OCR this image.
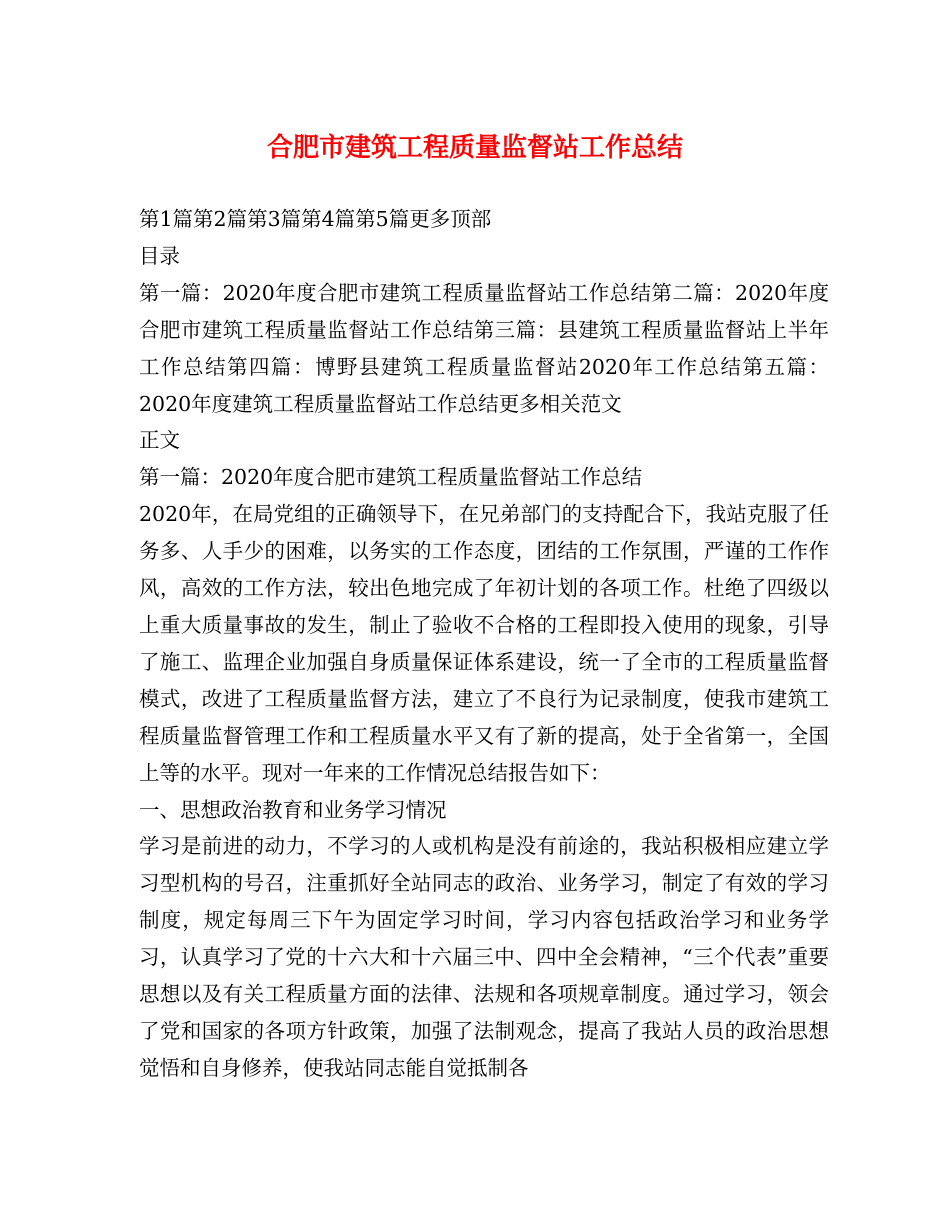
合肥市建筑工程质量监督站工作总结

第1篇第2篇第3篇第4篇第5篇更多顶部

目录

第一篇：2020年度合肥市建筑工程质量监督站工作总结第二篇：2020年度合肥市建筑工程质量监督站工作总结第三篇：县建筑工程质量监督站上半年工作总结第四篇：博野县建筑工程质量监督站2020年工作总结第五篇：2020年度建筑工程质量监督站工作总结更多相关范文

正文

第一篇：2020年度合肥市建筑工程质量监督站工作总结

2020年，在局党组的正确领导下，在兄弟部门的支持配合下，我站克服了任务多、人手少的困难，以务实的工作态度，团结的工作氛围，严谨的工作作风，高效的工作方法，较出色地完成了年初计划的各项工作。杜绝了四级以上重大质量事故的发生，制止了验收不合格的工程即投入使用的现象，引导了施工、监理企业加强自身质量保证体系建设，统一了全市的工程质量监督模式，改进了工程质量监督方法，建立了不良行为记录制度，使我市建筑工程质量监督管理工作和工程质量水平又有了新的提高，处于全省第一，全国上等的水平。现对一年来的工作情况总结报告如下：

一、思想政治教育和业务学习情况

学习是前进的动力，不学习的人或机构是没有前途的，我站积极相应建立学习型机构的号召，注重抓好全站同志的政治、业务学习，制定了有效的学习制度，规定每周三下午为固定学习时间，学习内容包括政治学习和业务学习，认真学习了党的十六大和十六届三中、四中全会精神，“三个代表”重要思想以及有关工程质量方面的法律、法规和各项规章制度。通过学习，领会了党和国家的各项方针政策，加强了法制观念，提高了我站人员的政治思想觉悟和自身修养，使我站同志能自觉抵制各
